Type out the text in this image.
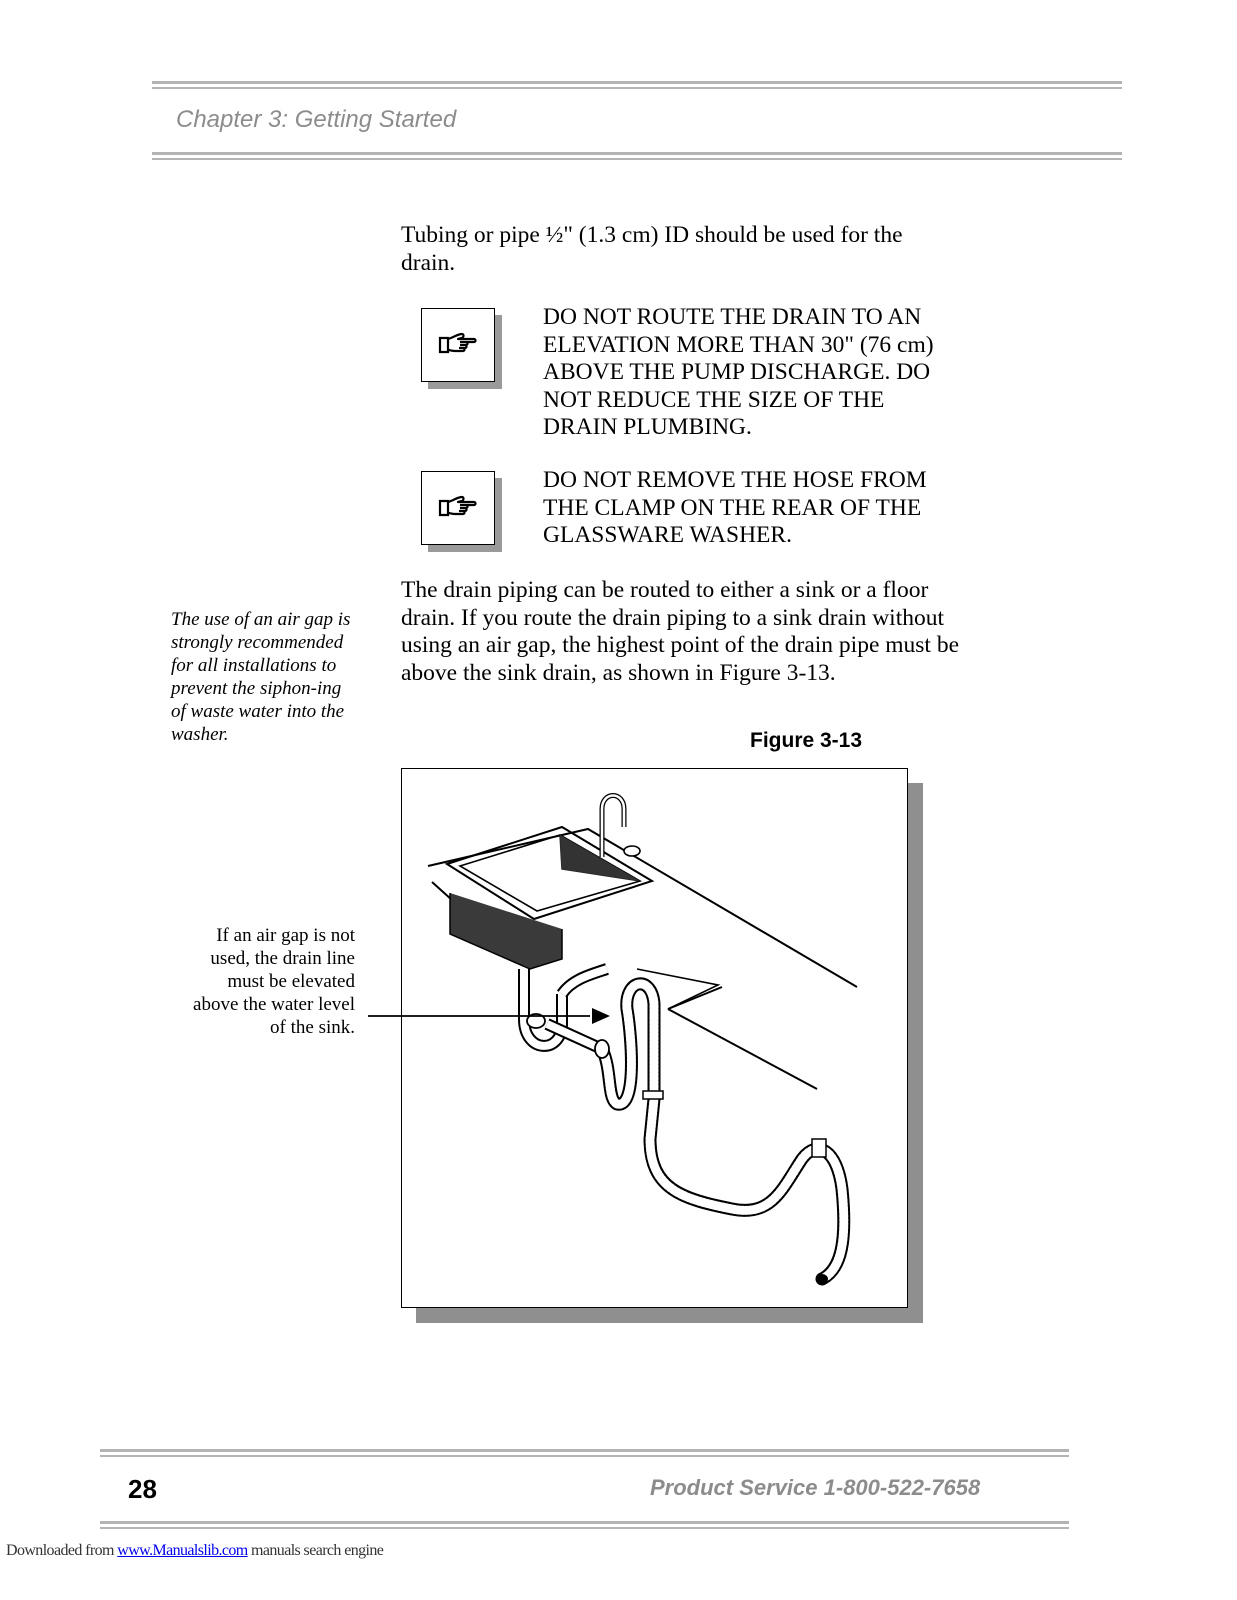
Chapter 3: Getting Started
Tubing or pipe ½" (1.3 cm) ID should be used for the drain.
DO NOT ROUTE THE DRAIN TO AN ELEVATION MORE THAN 30" (76 cm) ABOVE THE PUMP DISCHARGE. DO NOT REDUCE THE SIZE OF THE DRAIN PLUMBING.
DO NOT REMOVE THE HOSE FROM THE CLAMP ON THE REAR OF THE GLASSWARE WASHER.
The drain piping can be routed to either a sink or a floor drain. If you route the drain piping to a sink drain without using an air gap, the highest point of the drain pipe must be above the sink drain, as shown in Figure 3-13.
The use of an air gap is strongly recommended for all installations to prevent the siphon-ing of waste water into the washer.	Figure 3-13
If an air gap is not used, the drain line must be elevated above the water level of the sink.
28	Product Service 1-800-522-7658
Downloaded from www.Manualslib.com manuals search engine
